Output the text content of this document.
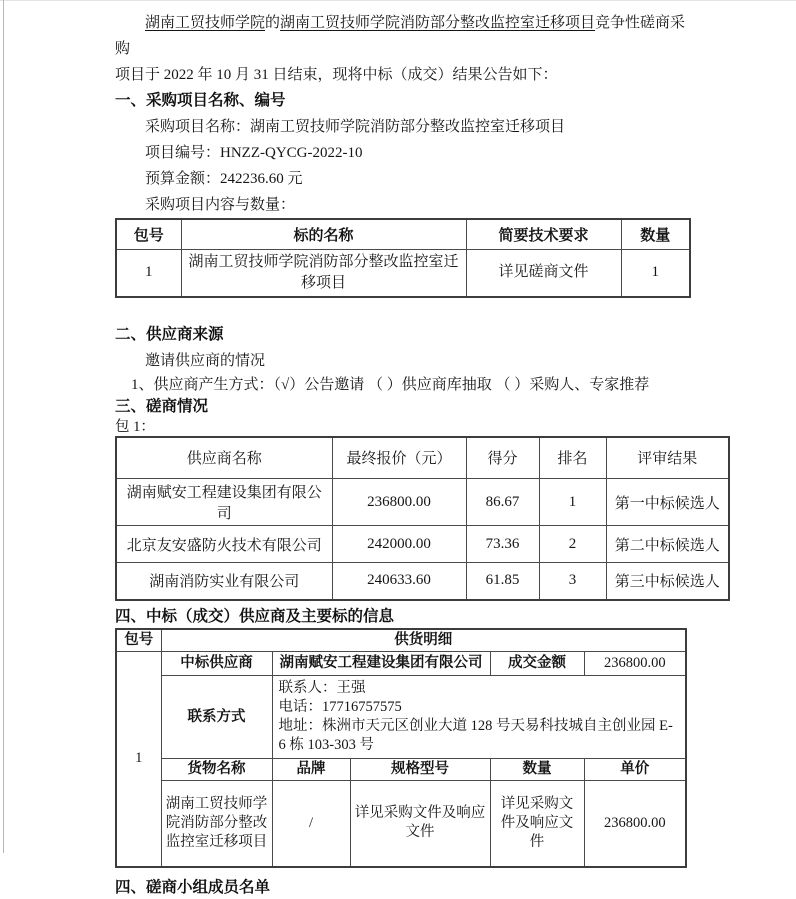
湖南工贸技师学院的湖南工贸技师学院消防部分整改监控室迁移项目竞争性磋商采购
项目于 2022 年 10 月 31 日结束，现将中标（成交）结果公告如下：

一、采购项目名称、编号

采购项目名称：湖南工贸技师学院消防部分整改监控室迁移项目

项目编号：HNZZ-QYCG-2022-10

预算金额：242236.60 元

采购项目内容与数量：

包号	标的名称	简要技术要求	数量
1	湖南工贸技师学院消防部分整改监控室迁移项目	详见磋商文件	1
二、供应商来源

邀请供应商的情况

1、供应商产生方式：（√）公告邀请 （ ）供应商库抽取 （ ）采购人、专家推荐

三、磋商情况

包 1：

供应商名称	最终报价（元）	得分	排名	评审结果
湖南赋安工程建设集团有限公司	236800.00	86.67	1	第一中标候选人
北京友安盛防火技术有限公司	242000.00	73.36	2	第二中标候选人
湖南消防实业有限公司	240633.60	61.85	3	第三中标候选人
四、中标（成交）供应商及主要标的信息
包号	供货明细				
1	中标供应商	湖南赋安工程建设集团有限公司		成交金额	236800.00
	联系方式	联系人：王强
电话：17716757575
地址：株洲市天元区创业大道 128 号天易科技城自主创业园 E-6 栋 103-303 号			

	货物名称	品牌	规格型号	数量	单价
	湖南工贸技师学院消防部分整改监控室迁移项目	/	详见采购文件及响应文件	详见采购文件及响应文件	236800.00
四、磋商小组成员名单
